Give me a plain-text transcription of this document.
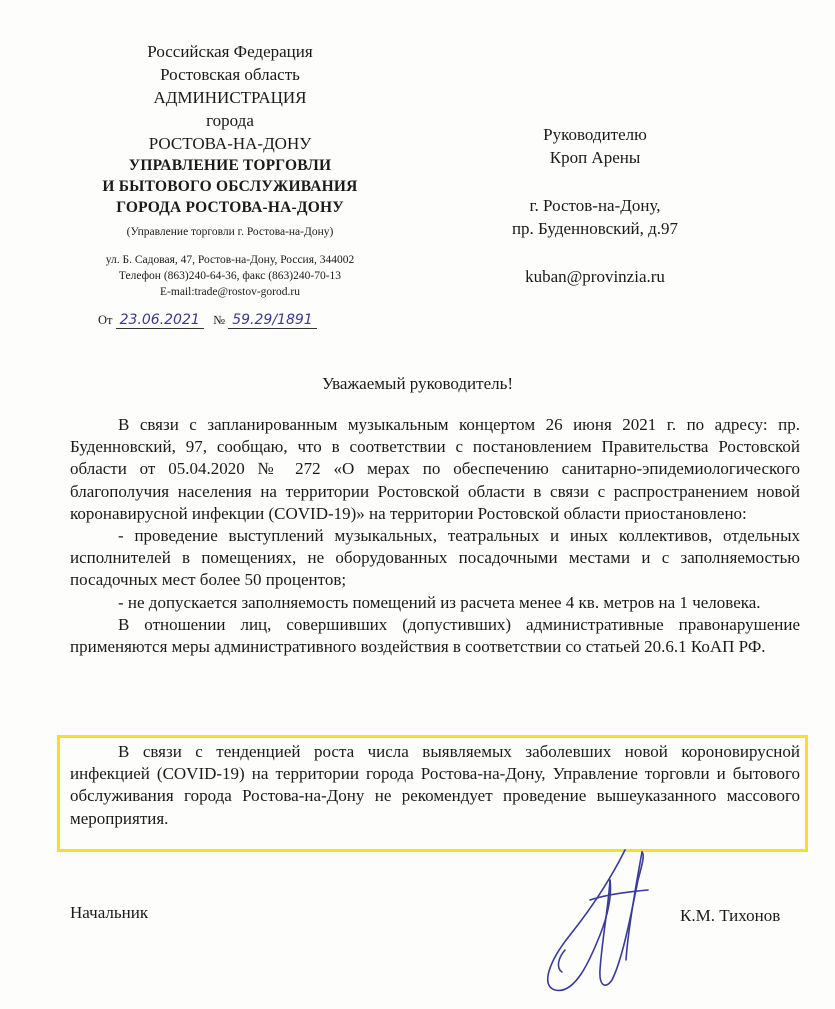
Российская Федерация
Ростовская область
АДМИНИСТРАЦИЯ
города
РОСТОВА-НА-ДОНУ
УПРАВЛЕНИЕ ТОРГОВЛИ
И БЫТОВОГО ОБСЛУЖИВАНИЯ
ГОРОДА РОСТОВА-НА-ДОНУ
(Управление торговли г. Ростова-на-Дону)
ул. Б. Садовая, 47, Ростов-на-Дону, Россия, 344002
Телефон (863)240-64-36, факс (863)240-70-13
E-mail:trade@rostov-gorod.ru
От 23.06.2021 № 59.29/1891
Руководителю
Кроп Арены
г. Ростов-на-Дону,
пр. Буденновский, д.97
kuban@provinzia.ru
Уважаемый руководитель!

В связи с запланированным музыкальным концертом 26 июня 2021 г. по адресу: пр. Буденновский, 97, сообщаю, что в соответствии с постановлением Правительства Ростовской области от 05.04.2020 № 272 «О мерах по обеспечению санитарно-эпидемиологического благополучия населения на территории Ростовской области в связи с распространением новой коронавирусной инфекции (COVID-19)» на территории Ростовской области приостановлено:

- проведение выступлений музыкальных, театральных и иных коллективов, отдельных исполнителей в помещениях, не оборудованных посадочными местами и с заполняемостью посадочных мест более 50 процентов;

- не допускается заполняемость помещений из расчета менее 4 кв. метров на 1 человека.

В отношении лиц, совершивших (допустивших) административные правонарушение применяются меры административного воздействия в соответствии со статьей 20.6.1 КоАП РФ.

В связи с тенденцией роста числа выявляемых заболевших новой короновирусной инфекцией (COVID-19) на территории города Ростова-на-Дону, Управление торговли и бытового обслуживания города Ростова-на-Дону не рекомендует проведение вышеуказанного массового мероприятия.

Начальник	К.М. Тихонов
